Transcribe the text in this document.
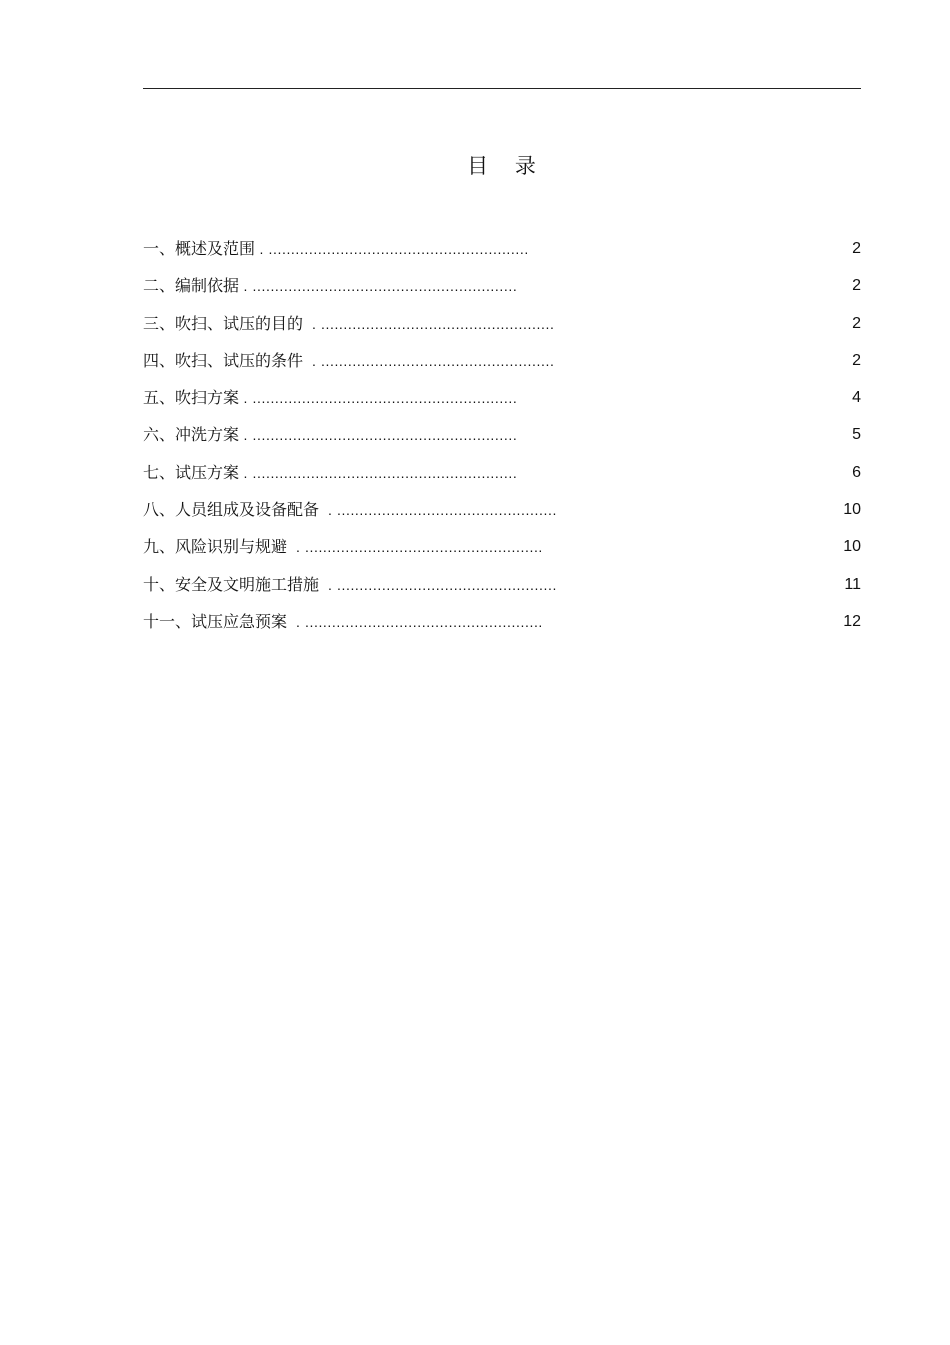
目    录
一、概述及范围 . ..........................................................	2
二、编制依据 . ...........................................................	2
三、吹扫、试压的目的  . ....................................................	2
四、吹扫、试压的条件  . ....................................................	2
五、吹扫方案 . ...........................................................	4
六、冲洗方案 . ...........................................................	5
七、试压方案 . ...........................................................	6
八、人员组成及设备配备  . .................................................	10
九、风险识别与规避  . .....................................................	10
十、安全及文明施工措施  . .................................................	11
十一、试压应急预案  . .....................................................	12
